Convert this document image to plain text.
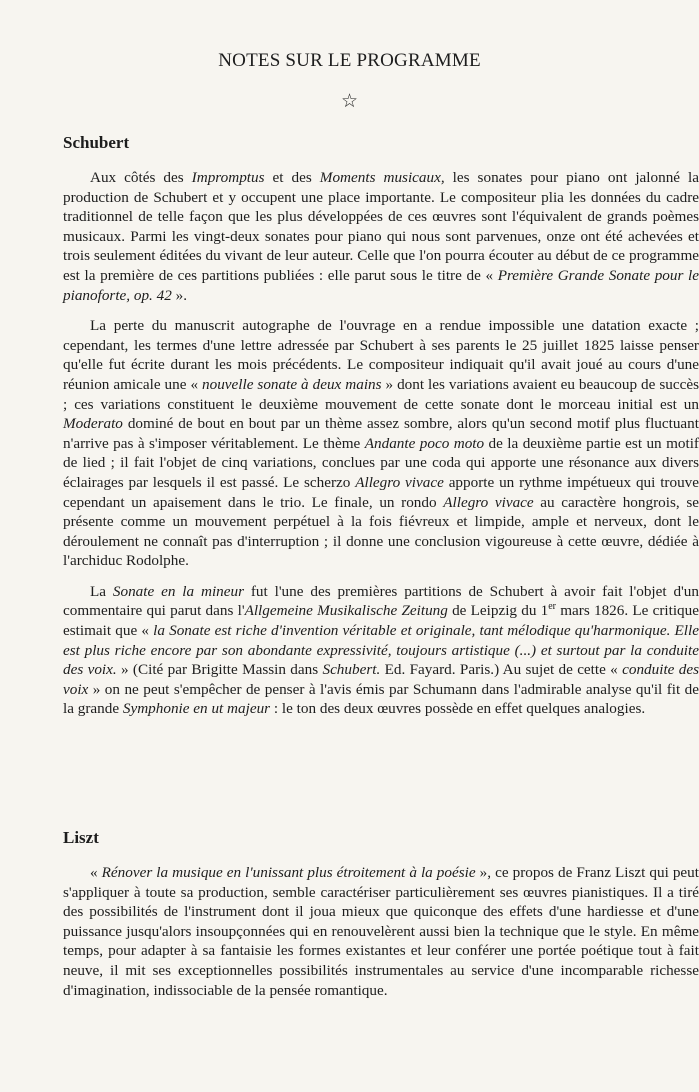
NOTES SUR LE PROGRAMME
☆
Schubert

Aux côtés des Impromptus et des Moments musicaux, les sonates pour piano ont jalonné la production de Schubert et y occupent une place importante. Le compositeur plia les données du cadre traditionnel de telle façon que les plus développées de ces œuvres sont l'équivalent de grands poèmes musicaux. Parmi les vingt-deux sonates pour piano qui nous sont parvenues, onze ont été achevées et trois seulement éditées du vivant de leur auteur. Celle que l'on pourra écouter au début de ce programme est la première de ces partitions publiées : elle parut sous le titre de « Première Grande Sonate pour le pianoforte, op. 42 ».

La perte du manuscrit autographe de l'ouvrage en a rendue impossible une datation exacte ; cependant, les termes d'une lettre adressée par Schubert à ses parents le 25 juillet 1825 laisse penser qu'elle fut écrite durant les mois précédents. Le compositeur indiquait qu'il avait joué au cours d'une réunion amicale une « nouvelle sonate à deux mains » dont les variations avaient eu beaucoup de succès ; ces variations constituent le deuxième mouvement de cette sonate dont le morceau initial est un Moderato dominé de bout en bout par un thème assez sombre, alors qu'un second motif plus fluctuant n'arrive pas à s'imposer véritablement. Le thème Andante poco moto de la deuxième partie est un motif de lied ; il fait l'objet de cinq variations, conclues par une coda qui apporte une résonance aux divers éclairages par lesquels il est passé. Le scherzo Allegro vivace apporte un rythme impétueux qui trouve cependant un apaisement dans le trio. Le finale, un rondo Allegro vivace au caractère hongrois, se présente comme un mouvement perpétuel à la fois fiévreux et limpide, ample et nerveux, dont le déroulement ne connaît pas d'interruption ; il donne une conclusion vigoureuse à cette œuvre, dédiée à l'archiduc Rodolphe.

La Sonate en la mineur fut l'une des premières partitions de Schubert à avoir fait l'objet d'un commentaire qui parut dans l'Allgemeine Musikalische Zeitung de Leipzig du 1er mars 1826. Le critique estimait que « la Sonate est riche d'invention véritable et originale, tant mélodique qu'harmonique. Elle est plus riche encore par son abondante expressivité, toujours artistique (...) et surtout par la conduite des voix. » (Cité par Brigitte Massin dans Schubert. Ed. Fayard. Paris.) Au sujet de cette « conduite des voix » on ne peut s'empêcher de penser à l'avis émis par Schumann dans l'admirable analyse qu'il fit de la grande Symphonie en ut majeur : le ton des deux œuvres possède en effet quelques analogies.

Liszt

« Rénover la musique en l'unissant plus étroitement à la poésie », ce propos de Franz Liszt qui peut s'appliquer à toute sa production, semble caractériser particulièrement ses œuvres pianistiques. Il a tiré des possibilités de l'instrument dont il joua mieux que quiconque des effets d'une hardiesse et d'une puissance jusqu'alors insoupçonnées qui en renouvelèrent aussi bien la technique que le style. En même temps, pour adapter à sa fantaisie les formes existantes et leur conférer une portée poétique tout à fait neuve, il mit ses exceptionnelles possibilités instrumentales au service d'une incomparable richesse d'imagination, indissociable de la pensée romantique.
